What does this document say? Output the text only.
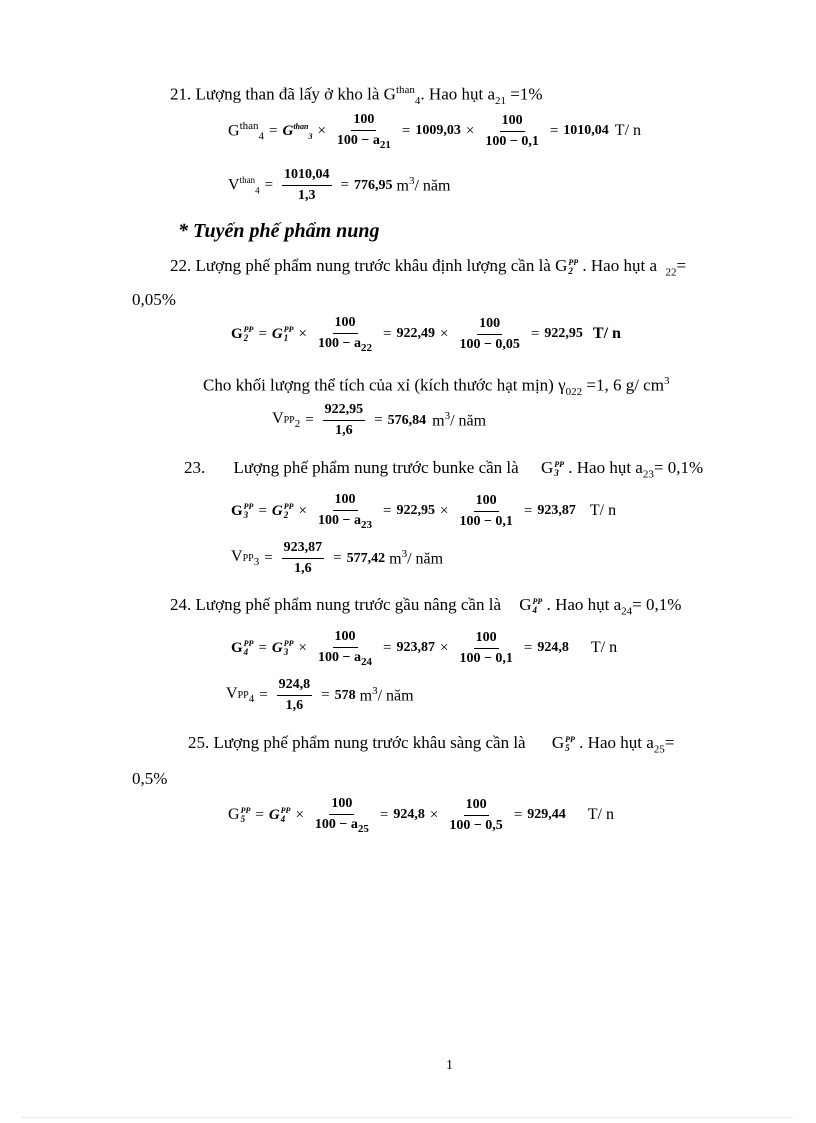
21. Lượng than đã lấy ở kho là $G^{than}_4$. Hao hụt $a_{21} =1\%$
$G^{than}_4 = G^{than}_3 \times \frac{100}{100 - a_{21}} = 1009,03 \times \frac{100}{100 - 0,1} = 1010,04$ T/ n
$V^{than}_4 = \frac{1010,04}{1,3} = 776,95$ $m^3/$ năm
* Tuyến phế phẩm nung
22. Lượng phế phẩm nung trước khâu định lượng cần là G PP
2 . Hao hụt a $_{22}$=
0,05%
G PP
2 = G PP
$1 \times \frac{100}{100 - a_{22}} = 922,49 \times \frac{100}{100 - 0,05} = 922,95$ T/ n
Cho khối lượng thể tích của xỉ (kích thước hạt mịn) $\gamma_{022} =1$, 6 g/ $cm^3$
$VPP_2 = \frac{922,95}{1,6} = 576,84$ $m^3/$ năm
23. Lượng phế phẩm nung trước bunke cần là G PP
3 . Hao hụt $a_{23}= 0,1\%$
G PP
3 = G PP
$2 \times \frac{100}{100 - a_{23}} = 922,95 \times \frac{100}{100 - 0,1} = 923,87$ T/ n
$VPP_3 = \frac{923,87}{1,6} = 577,42$ $m^3/$ năm
24. Lượng phế phẩm nung trước gầu nâng cần là G PP
4 . Hao hụt $a_{24}= 0,1\%$
G PP
4 = G PP
$3 \times \frac{100}{100 - a_{24}} = 923,87 \times \frac{100}{100 - 0,1} = 924,8$ T/ n
$VPP_4 = \frac{924,8}{1,6} = 578$ $m^3/$ năm
25. Lượng phế phẩm nung trước khâu sàng cần là G PP
5 . Hao hụt $a_{25}=$
0,5%
G PP
5 = G PP
$4 \times \frac{100}{100 - a_{25}} = 924,8 \times \frac{100}{100 - 0,5} = 929,44$ T/ n
1
